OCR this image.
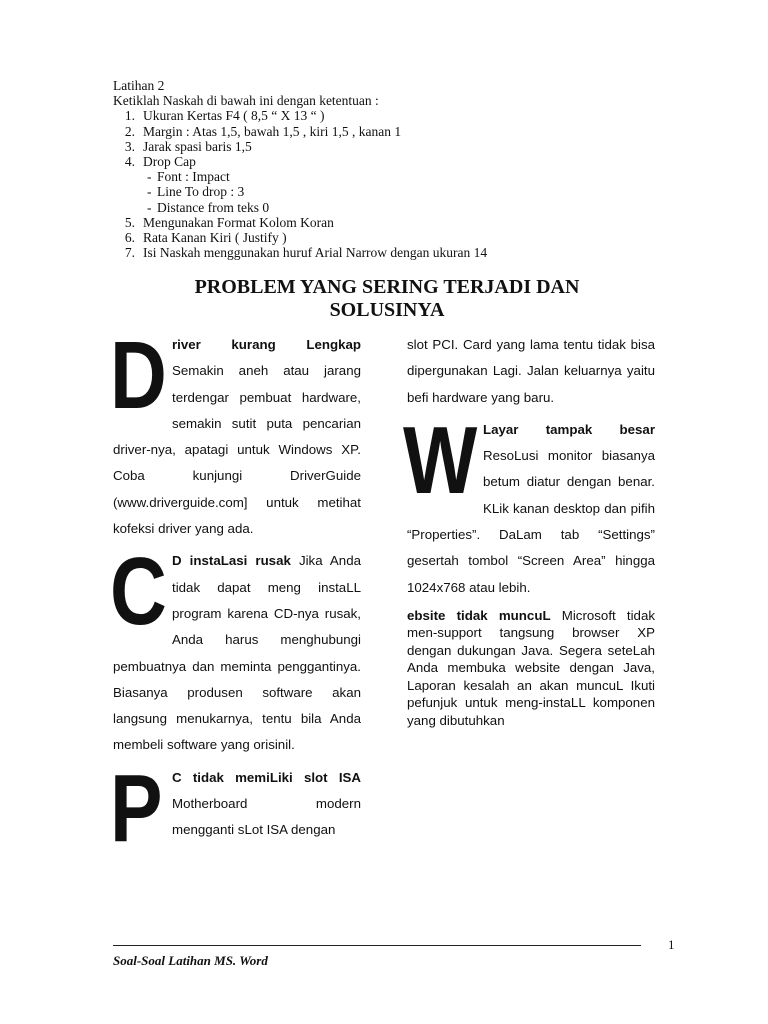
Latihan 2
Ketiklah Naskah di bawah ini dengan ketentuan :
1. Ukuran Kertas F4 ( 8,5 “ X 13 “ )
2. Margin : Atas 1,5, bawah 1,5 , kiri 1,5 , kanan 1
3. Jarak spasi baris 1,5
4. Drop Cap
- Font : Impact
- Line To drop : 3
- Distance from teks 0
5. Mengunakan Format Kolom Koran
6. Rata Kanan Kiri ( Justify )
7. Isi Naskah menggunakan huruf Arial Narrow dengan ukuran 14
PROBLEM YANG SERING TERJADI DAN
SOLUSINYA

Driver kurang Lengkap Semakin aneh atau jarang terdengar pembuat hardware, semakin sutit puta pencarian driver-nya, apatagi untuk Windows XP. Coba kunjungi DriverGuide (www.driverguide.com] untuk metihat kofeksi driver yang ada.

C D instaLasi rusak Jika Anda tidak dapat meng instaLL program karena CD-nya rusak, Anda harus menghubungi pembuatnya dan meminta penggantinya. Biasanya produsen software akan langsung menukarnya, tentu bila Anda membeli software yang orisinil.

P C tidak memiLiki slot ISA Motherboard modern mengganti sLot ISA dengan

slot PCI. Card yang lama tentu tidak bisa dipergunakan Lagi. Jalan keluarnya yaitu befi hardware yang baru.

W Layar tampak besar ResoLusi monitor biasanya betum diatur dengan benar. KLik kanan desktop dan pifih “Properties”. DaLam tab “Settings” gesertah tombol “Screen Area” hingga 1024x768 atau lebih.

ebsite tidak muncuL Microsoft tidak men-support tangsung browser XP dengan dukungan Java. Segera seteLah Anda membuka website dengan Java, Laporan kesalah an akan muncuL Ikuti pefunjuk untuk meng-instaLL komponen yang dibutuhkan

1
Soal-Soal Latihan MS. Word
